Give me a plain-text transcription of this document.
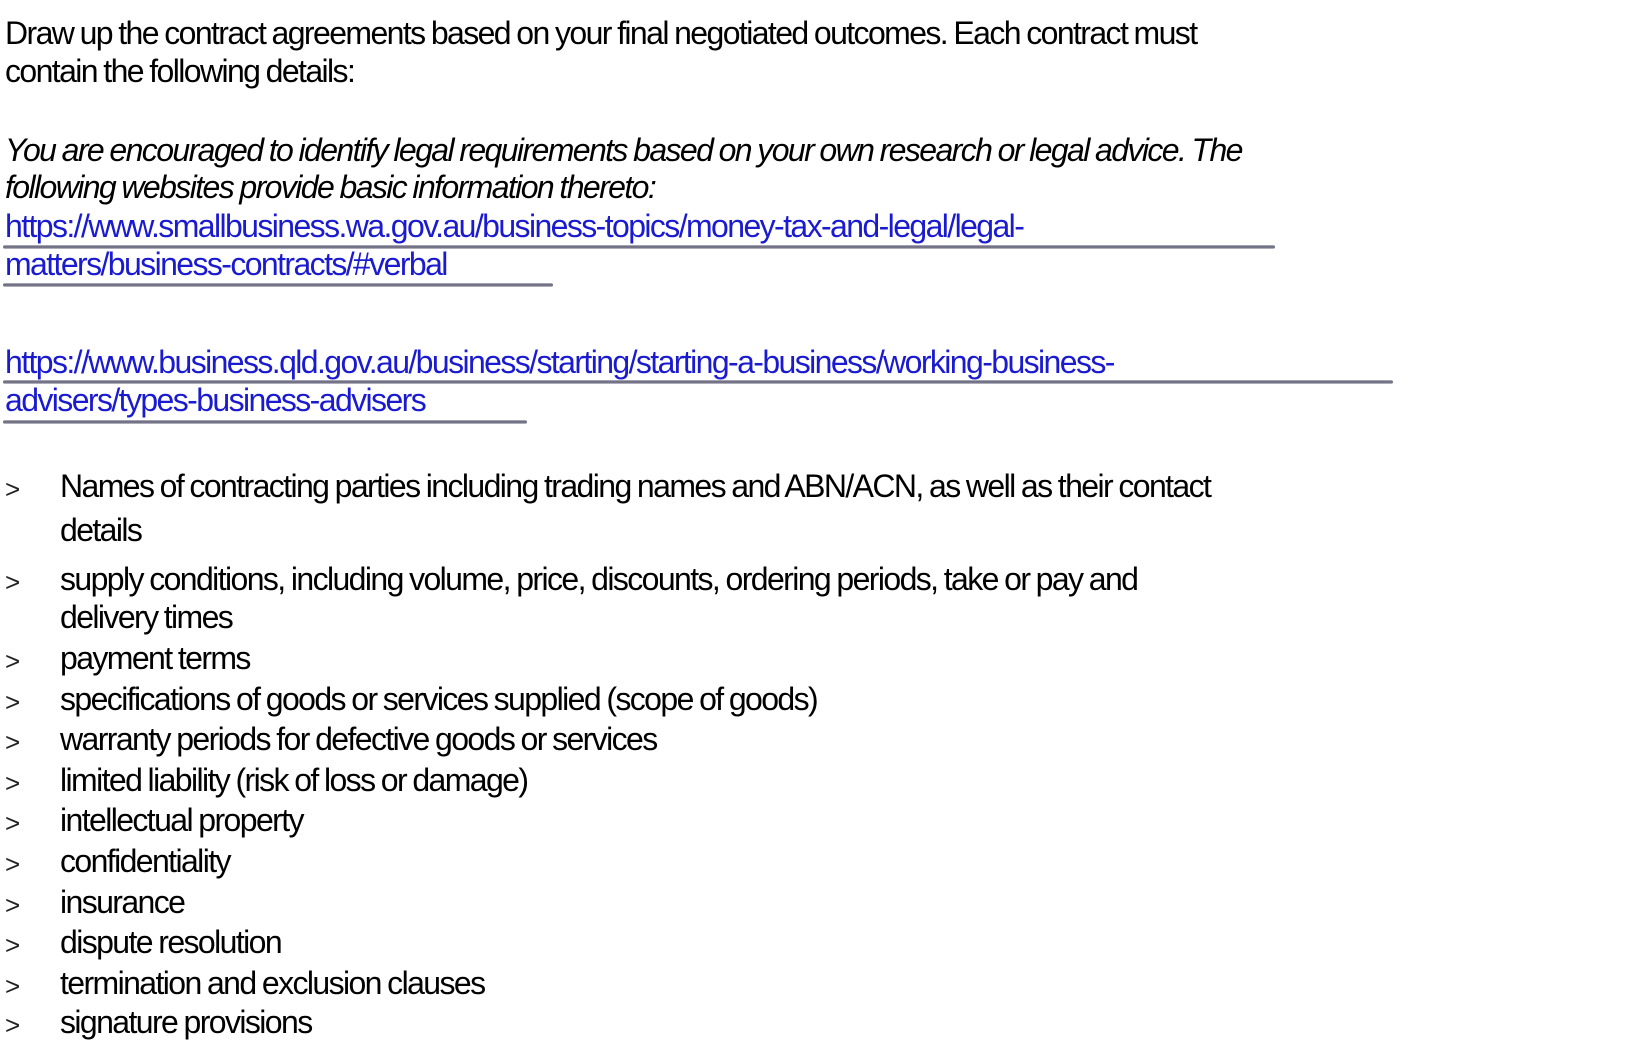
Draw up the contract agreements based on your final negotiated outcomes. Each contract must
contain the following details:
You are encouraged to identify legal requirements based on your own research or legal advice. The
following websites provide basic information thereto:
https://www.smallbusiness.wa.gov.au/business-topics/money-tax-and-legal/legal-
matters/business-contracts/#verbal
https://www.business.qld.gov.au/business/starting/starting-a-business/working-business-
advisers/types-business-advisers
> Names of contracting parties including trading names and ABN/ACN, as well as their contact
details
> supply conditions, including volume, price, discounts, ordering periods, take or pay and
delivery times
> payment terms
> specifications of goods or services supplied (scope of goods)
> warranty periods for defective goods or services
> limited liability (risk of loss or damage)
> intellectual property
> confidentiality
> insurance
> dispute resolution
> termination and exclusion clauses
> signature provisions
